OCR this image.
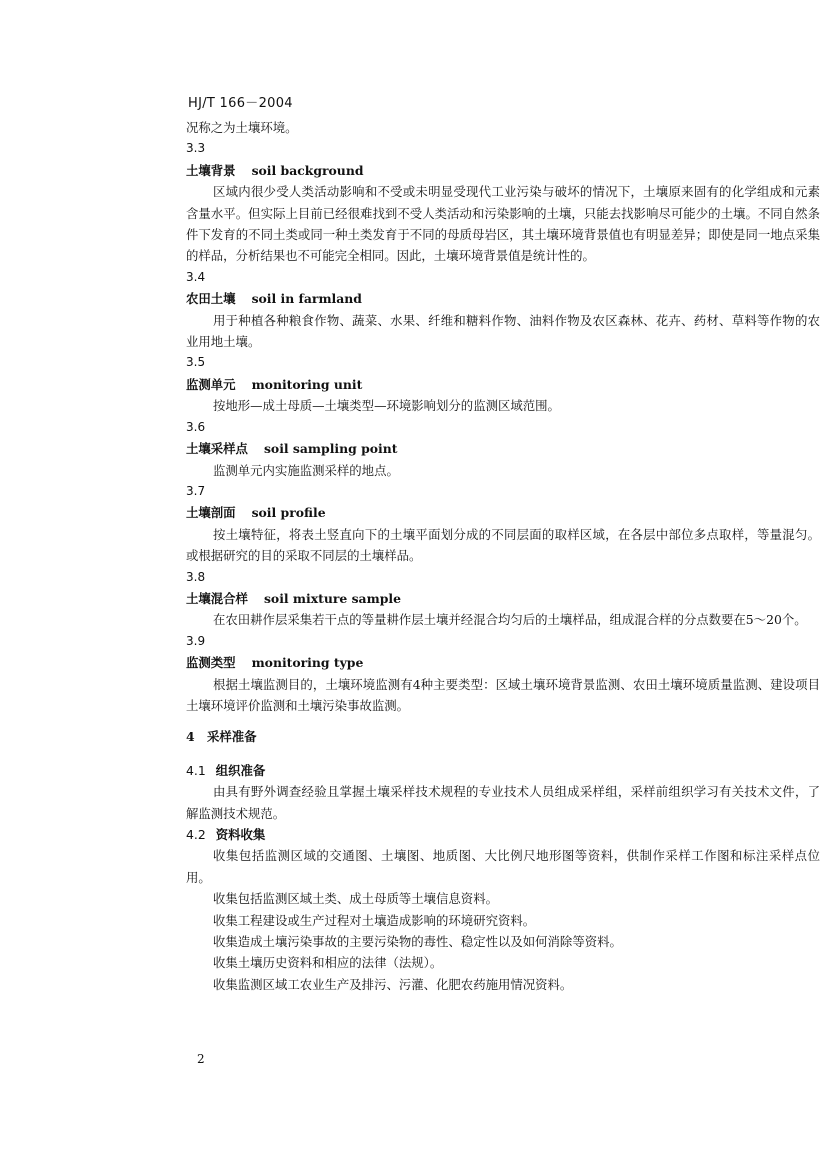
HJ/T 166－2004

况称之为土壤环境。

3.3

土壤背景 soil background

区域内很少受人类活动影响和不受或未明显受现代工业污染与破坏的情况下，土壤原来固有的化学组成和元素含量水平。但实际上目前已经很难找到不受人类活动和污染影响的土壤，只能去找影响尽可能少的土壤。不同自然条件下发育的不同土类或同一种土类发育于不同的母质母岩区，其土壤环境背景值也有明显差异；即使是同一地点采集的样品，分析结果也不可能完全相同。因此，土壤环境背景值是统计性的。

3.4

农田土壤 soil in farmland

用于种植各种粮食作物、蔬菜、水果、纤维和糖料作物、油料作物及农区森林、花卉、药材、草料等作物的农业用地土壤。

3.5

监测单元 monitoring unit

按地形—成土母质—土壤类型—环境影响划分的监测区域范围。

3.6

土壤采样点 soil sampling point

监测单元内实施监测采样的地点。

3.7

土壤剖面 soil profile

按土壤特征，将表土竖直向下的土壤平面划分成的不同层面的取样区域，在各层中部位多点取样，等量混匀。或根据研究的目的采取不同层的土壤样品。

3.8

土壤混合样 soil mixture sample

在农田耕作层采集若干点的等量耕作层土壤并经混合均匀后的土壤样品，组成混合样的分点数要在5～20个。

3.9

监测类型 monitoring type

根据土壤监测目的，土壤环境监测有4种主要类型：区域土壤环境背景监测、农田土壤环境质量监测、建设项目土壤环境评价监测和土壤污染事故监测。

4　采样准备

4.1 组织准备

由具有野外调查经验且掌握土壤采样技术规程的专业技术人员组成采样组，采样前组织学习有关技术文件，了解监测技术规范。

4.2 资料收集

收集包括监测区域的交通图、土壤图、地质图、大比例尺地形图等资料，供制作采样工作图和标注采样点位用。

收集包括监测区域土类、成土母质等土壤信息资料。

收集工程建设或生产过程对土壤造成影响的环境研究资料。

收集造成土壤污染事故的主要污染物的毒性、稳定性以及如何消除等资料。

收集土壤历史资料和相应的法律（法规）。

收集监测区域工农业生产及排污、污灌、化肥农药施用情况资料。

2
